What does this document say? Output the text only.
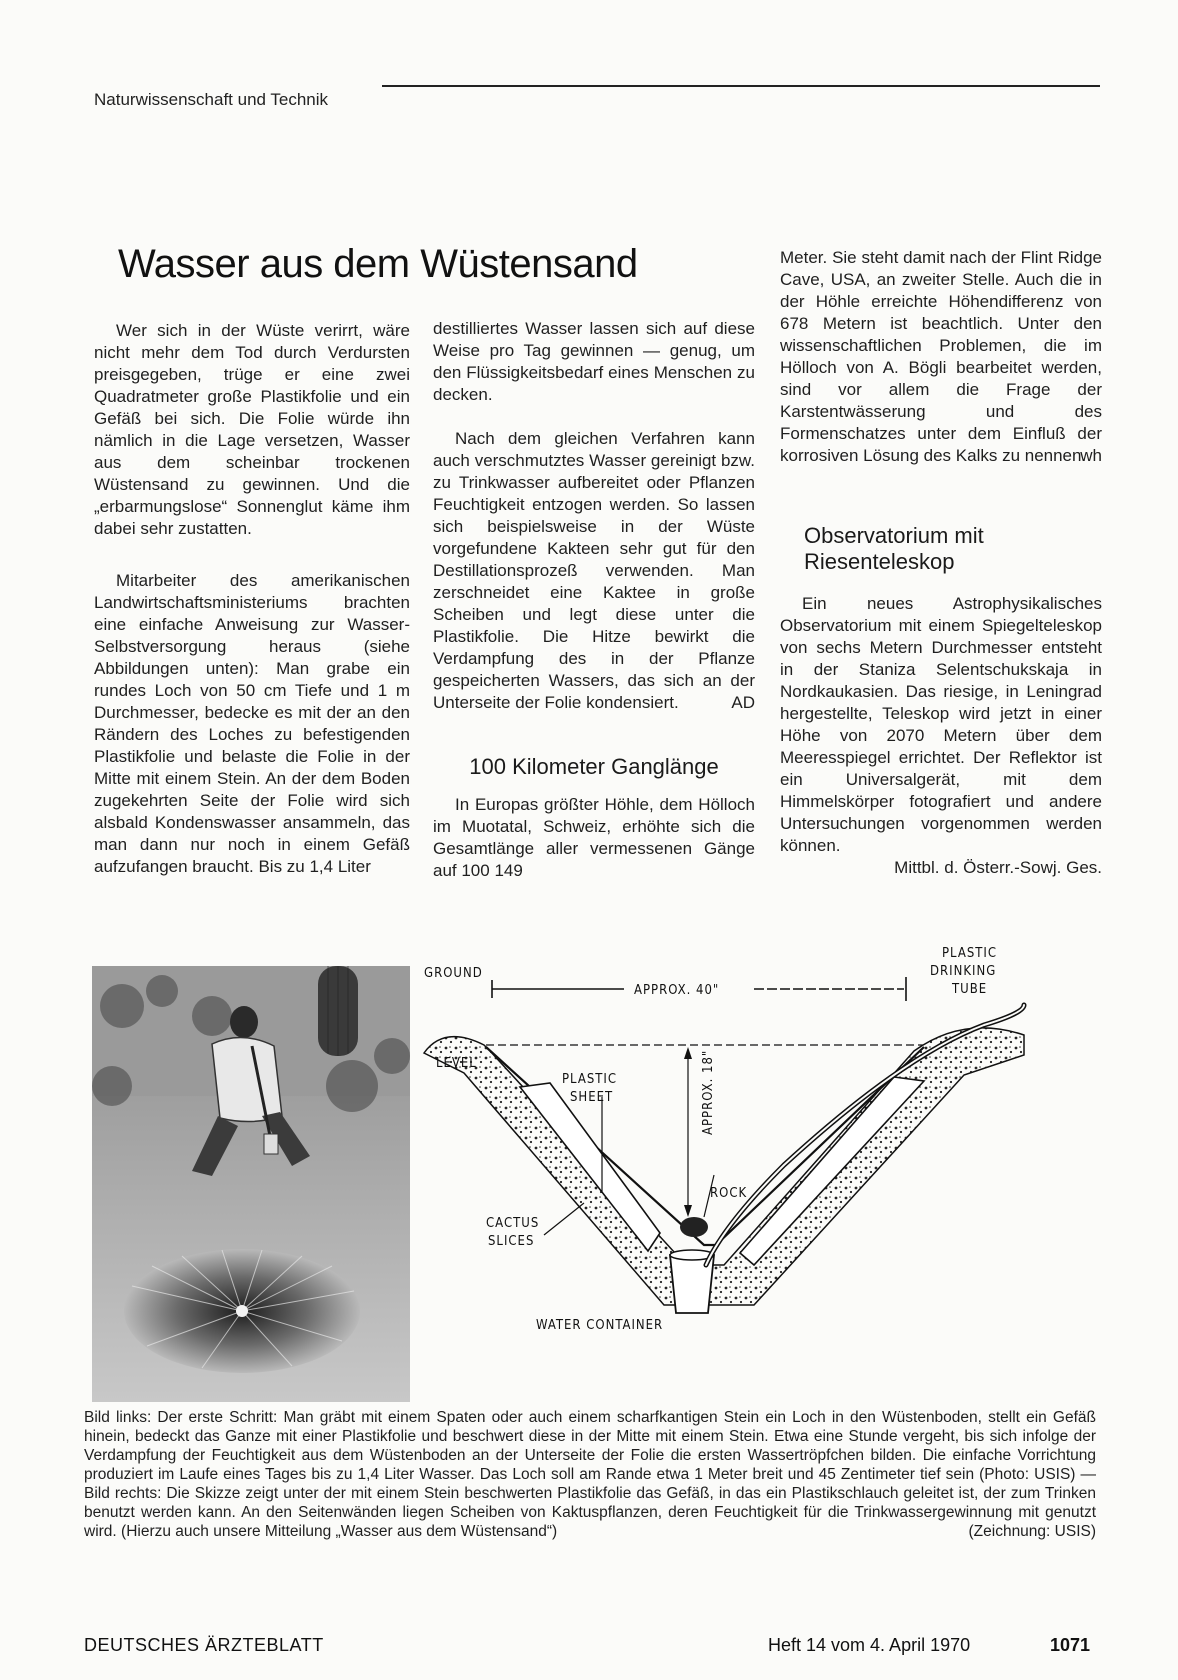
Naturwissenschaft und Technik
Wasser aus dem Wüstensand

Wer sich in der Wüste verirrt, wäre nicht mehr dem Tod durch Verdursten preisgegeben, trüge er eine zwei Quadratmeter große Plastikfolie und ein Gefäß bei sich. Die Folie würde ihn nämlich in die Lage versetzen, Wasser aus dem scheinbar trockenen Wüstensand zu gewinnen. Und die „erbarmungslose“ Sonnenglut käme ihm dabei sehr zustatten.

Mitarbeiter des amerikanischen Landwirtschaftsministeriums brachten eine einfache Anweisung zur Wasser-Selbstversorgung heraus (siehe Abbildungen unten): Man grabe ein rundes Loch von 50 cm Tiefe und 1 m Durchmesser, bedecke es mit der an den Rändern des Loches zu befestigenden Plastikfolie und belaste die Folie in der Mitte mit einem Stein. An der dem Boden zugekehrten Seite der Folie wird sich alsbald Kondenswasser ansammeln, das man dann nur noch in einem Gefäß aufzufangen braucht. Bis zu 1,4 Liter

destilliertes Wasser lassen sich auf diese Weise pro Tag gewinnen — genug, um den Flüssigkeitsbedarf eines Menschen zu decken.

Nach dem gleichen Verfahren kann auch verschmutztes Wasser gereinigt bzw. zu Trinkwasser aufbereitet oder Pflanzen Feuchtigkeit entzogen werden. So lassen sich beispielsweise in der Wüste vorgefundene Kakteen sehr gut für den Destillationsprozeß verwenden. Man zerschneidet eine Kaktee in große Scheiben und legt diese unter die Plastikfolie. Die Hitze bewirkt die Verdampfung des in der Pflanze gespeicherten Wassers, das sich an der Unterseite der Folie kondensiert.	AD
100 Kilometer Ganglänge

In Europas größter Höhle, dem Hölloch im Muotatal, Schweiz, erhöhte sich die Gesamtlänge aller vermessenen Gänge auf 100 149

Meter. Sie steht damit nach der Flint Ridge Cave, USA, an zweiter Stelle. Auch die in der Höhle erreichte Höhendifferenz von 678 Metern ist beachtlich. Unter den wissenschaftlichen Problemen, die im Hölloch von A. Bögli bearbeitet werden, sind vor allem die Frage der Karstentwässerung und des Formenschatzes unter dem Einfluß der korrosiven Lösung des Kalks zu nennen.

wh
Observatorium mit Riesenteleskop

Ein neues Astrophysikalisches Observatorium mit einem Spiegelteleskop von sechs Metern Durchmesser entsteht in der Staniza Selentschukskaja in Nordkaukasien. Das riesige, in Leningrad hergestellte, Teleskop wird jetzt in einer Höhe von 2070 Metern über dem Meeresspiegel errichtet. Der Reflektor ist ein Universalgerät, mit dem Himmelskörper fotografiert und andere Untersuchungen vorgenommen werden können.

Mittbl. d. Österr.-Sowj. Ges.
APPROX. 40"
APPROX. 18"
GROUND
LEVEL
PLASTIC
SHEET
ROCK
CACTUS
SLICES
WATER CONTAINER
PLASTIC
DRINKING
TUBE
Bild links: Der erste Schritt: Man gräbt mit einem Spaten oder auch einem scharfkantigen Stein ein Loch in den Wüstenboden, stellt ein Gefäß hinein, bedeckt das Ganze mit einer Plastikfolie und beschwert diese in der Mitte mit einem Stein. Etwa eine Stunde vergeht, bis sich infolge der Verdampfung der Feuchtigkeit aus dem Wüstenboden an der Unterseite der Folie die ersten Wassertröpfchen bilden. Die einfache Vorrichtung produziert im Laufe eines Tages bis zu 1,4 Liter Wasser. Das Loch soll am Rande etwa 1 Meter breit und 45 Zentimeter tief sein (Photo: USIS) — Bild rechts: Die Skizze zeigt unter der mit einem Stein beschwerten Plastikfolie das Gefäß, in das ein Plastikschlauch geleitet ist, der zum Trinken benutzt werden kann. An den Seitenwänden liegen Scheiben von Kaktuspflanzen, deren Feuchtigkeit für die Trinkwassergewinnung mit genutzt wird. (Hierzu auch unsere Mitteilung „Wasser aus dem Wüstensand“)	(Zeichnung: USIS)
DEUTSCHES ÄRZTEBLATT	Heft 14 vom 4. April 1970	1071
